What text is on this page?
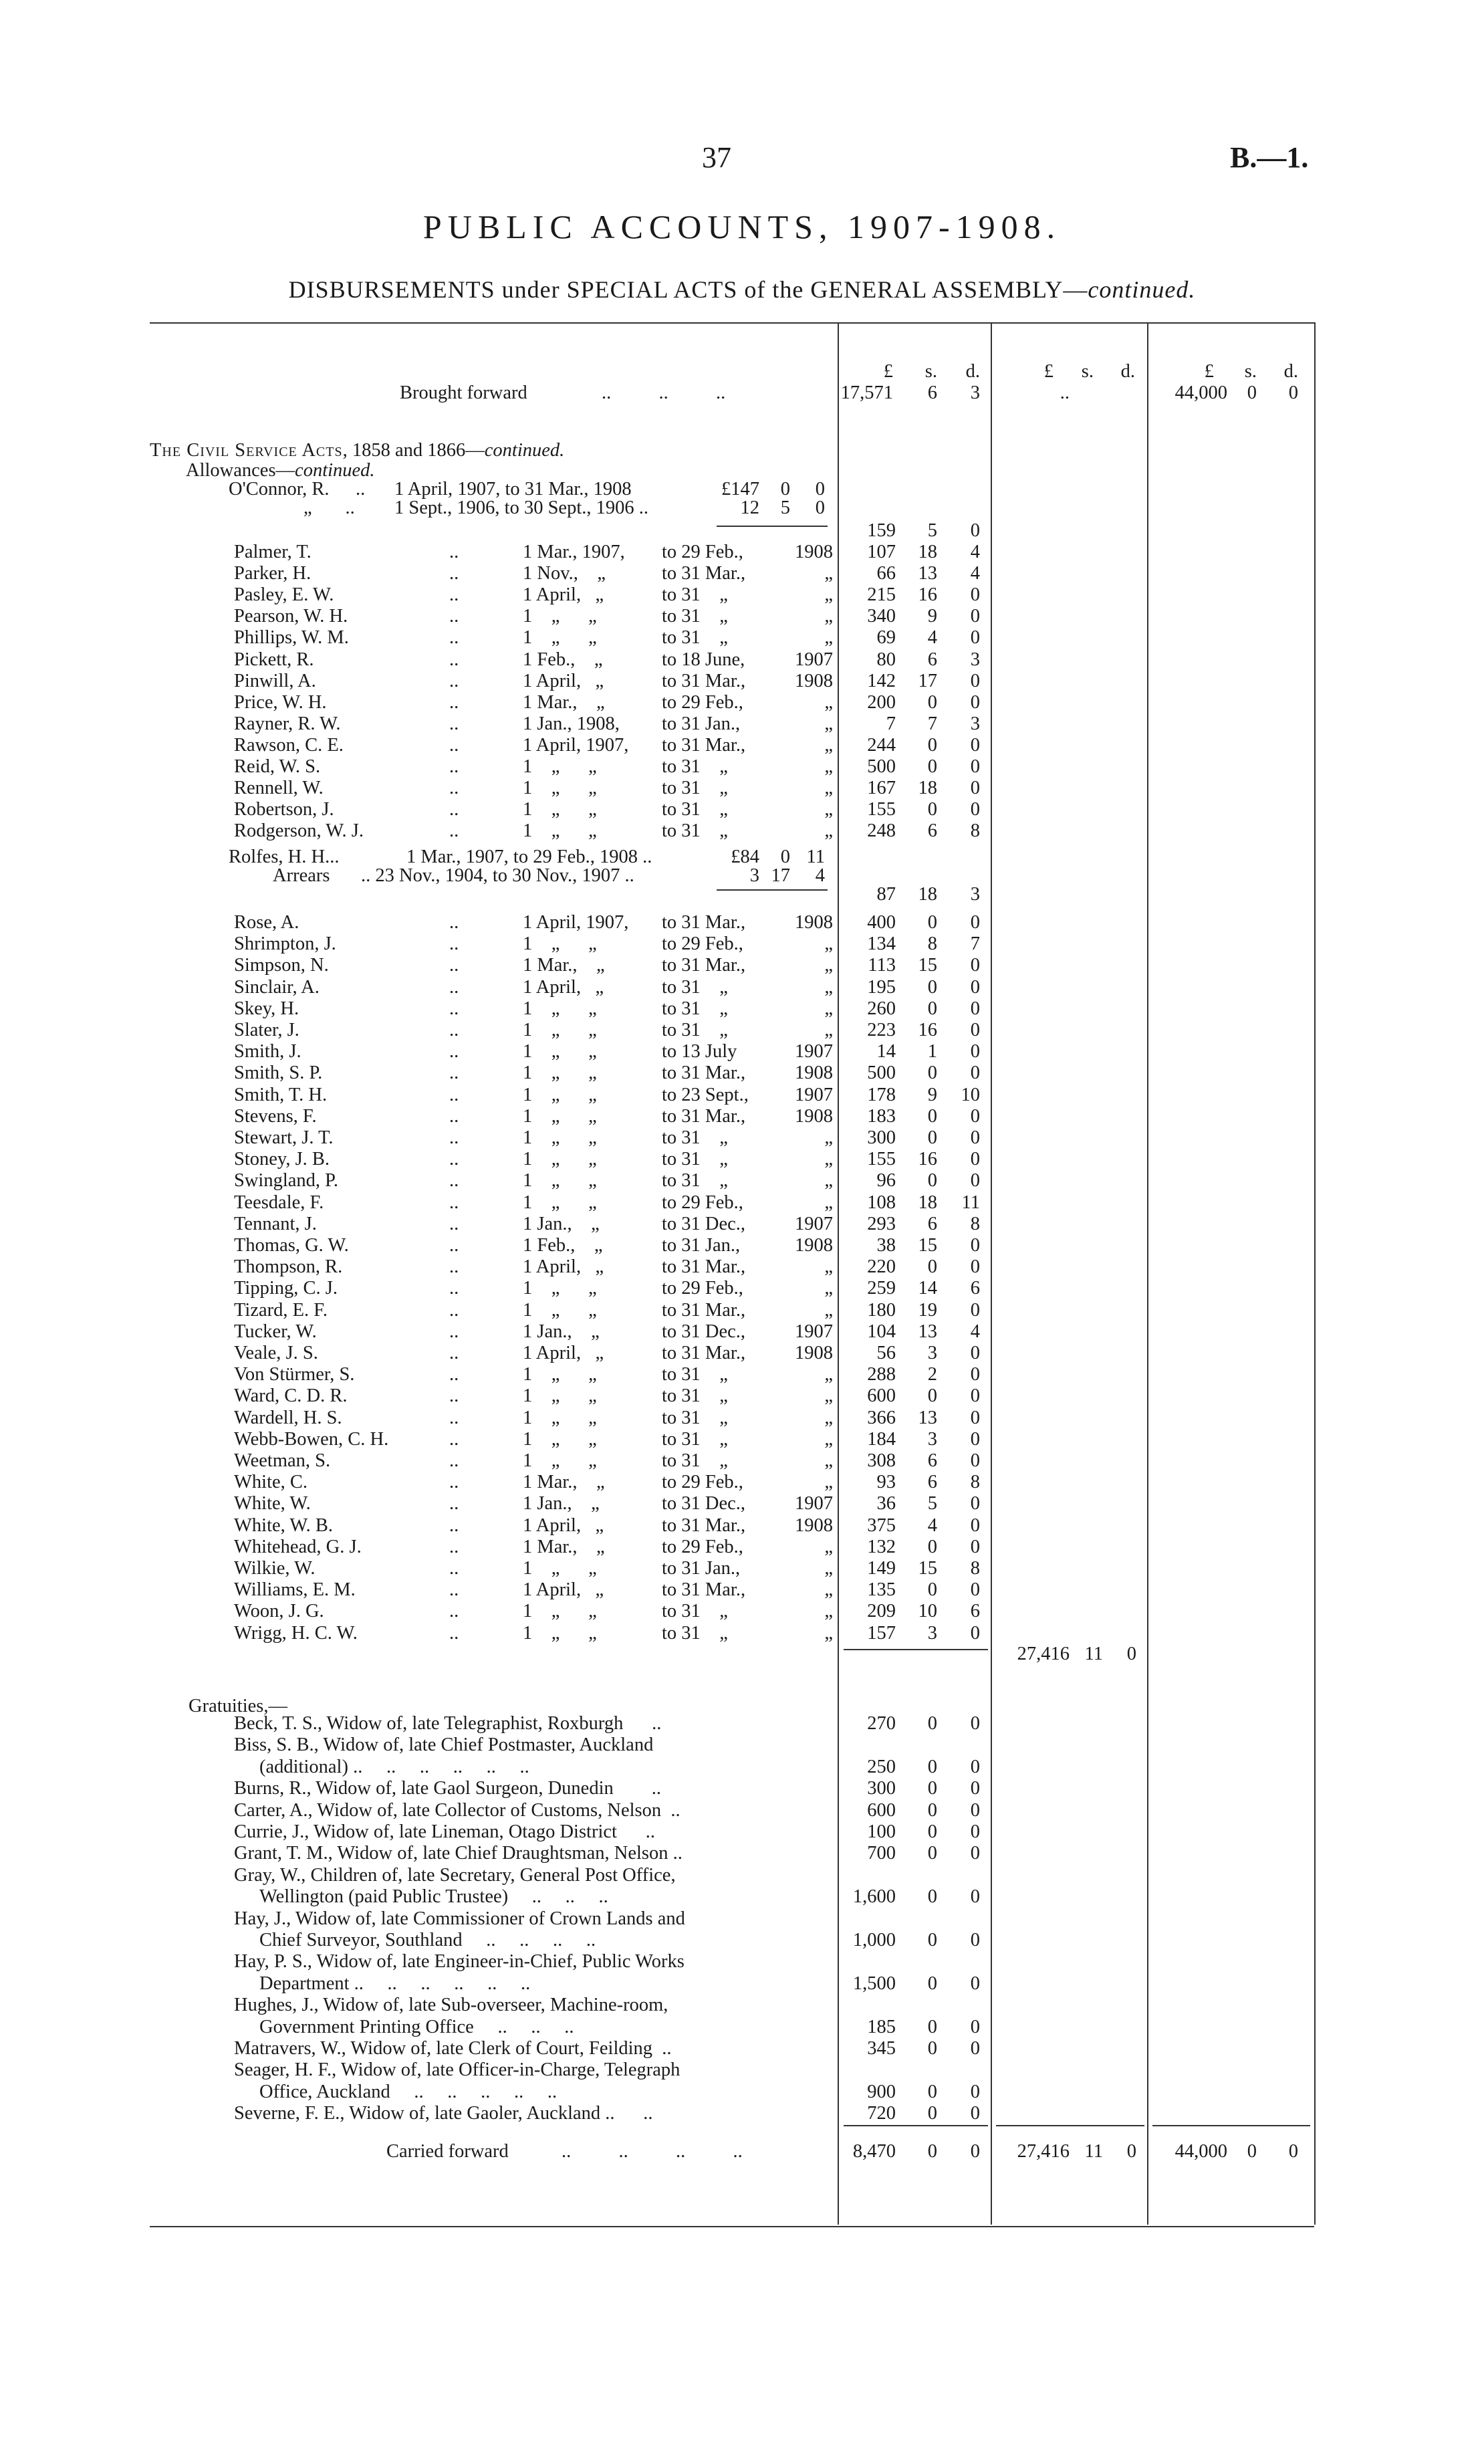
37	B.—1.
PUBLIC ACCOUNTS, 1907-1908.
DISBURSEMENTS under SPECIAL ACTS of the GENERAL ASSEMBLY—continued.
£	s.	d.	£	s.	d.	£	s.	d.
Brought forward	..          ..          ..	17,571	6	3	..	44,000	0	0
The Civil Service Acts, 1858 and 1866—continued.
Allowances—continued.
O'Connor, R. .. 1 April, 1907, to 31 Mar., 1908	£147	0	0
„       .. 1 Sept., 1906, to 30 Sept., 1906 ..	12	5	0
159	5	0
Palmer, T.	..	1 Mar., 1907, to 29 Feb.,	1908	107	18	4
Parker, H.	..	1 Nov.,    „	to 31 Mar.,	„	66	13	4
Pasley, E. W.	..	1 April,   „	to 31    „	„	215	16	0
Pearson, W. H.	..	1    „      „	to 31    „	„	340	9	0
Phillips, W. M.	..	1    „      „	to 31    „	„	69	4	0
Pickett, R.	..	1 Feb.,    „	to 18 June,	1907	80	6	3
Pinwill, A.	..	1 April,   „	to 31 Mar.,	1908	142	17	0
Price, W. H.	..	1 Mar.,    „	to 29 Feb.,	„	200	0	0
Rayner, R. W.	..	1 Jan., 1908, to 31 Jan.,	„	7	7	3
Rawson, C. E.	..	1 April, 1907, to 31 Mar.,	„	244	0	0
Reid, W. S.	..	1    „      „	to 31    „	„	500	0	0
Rennell, W.	..	1    „      „	to 31    „	„	167	18	0
Robertson, J.	..	1    „      „	to 31    „	„	155	0	0
Rodgerson, W. J.	..	1    „      „	to 31    „	„	248	6	8
Rolfes, H. H...	1 Mar., 1907, to 29 Feb., 1908 ..	£84	0 11
Arrears .. 23 Nov., 1904, to 30 Nov., 1907 ..	3 17	4
87	18	3
Rose, A.	..	1 April, 1907, to 31 Mar.,	1908	400	0	0
Shrimpton, J.	..	1    „      „	to 29 Feb.,	„	134	8	7
Simpson, N.	..	1 Mar.,    „	to 31 Mar.,	„	113	15	0
Sinclair, A.	..	1 April,   „	to 31    „	„	195	0	0
Skey, H.	..	1    „      „	to 31    „	„	260	0	0
Slater, J.	..	1    „      „	to 31    „	„	223	16	0
Smith, J.	..	1    „      „	to 13 July	1907	14	1	0
Smith, S. P.	..	1    „      „	to 31 Mar.,	1908	500	0	0
Smith, T. H.	..	1    „      „	to 23 Sept.,	1907	178	9	10
Stevens, F.	..	1    „      „	to 31 Mar.,	1908	183	0	0
Stewart, J. T.	..	1    „      „	to 31    „	„	300	0	0
Stoney, J. B.	..	1    „      „	to 31    „	„	155	16	0
Swingland, P.	..	1    „      „	to 31    „	„	96	0	0
Teesdale, F.	..	1    „      „	to 29 Feb.,	„	108	18	11
Tennant, J.	..	1 Jan.,    „	to 31 Dec.,	1907	293	6	8
Thomas, G. W.	..	1 Feb.,    „	to 31 Jan.,	1908	38	15	0
Thompson, R.	..	1 April,   „	to 31 Mar.,	„	220	0	0
Tipping, C. J.	..	1    „      „	to 29 Feb.,	„	259	14	6
Tizard, E. F.	..	1    „      „	to 31 Mar.,	„	180	19	0
Tucker, W.	..	1 Jan.,    „	to 31 Dec.,	1907	104	13	4
Veale, J. S.	..	1 April,   „	to 31 Mar.,	1908	56	3	0
Von Stürmer, S.	..	1    „      „	to 31    „	„	288	2	0
Ward, C. D. R.	..	1    „      „	to 31    „	„	600	0	0
Wardell, H. S.	..	1    „      „	to 31    „	„	366	13	0
Webb-Bowen, C. H.	..	1    „      „	to 31    „	„	184	3	0
Weetman, S.	..	1    „      „	to 31    „	„	308	6	0
White, C.	..	1 Mar.,    „	to 29 Feb.,	„	93	6	8
White, W.	..	1 Jan.,    „	to 31 Dec.,	1907	36	5	0
White, W. B.	..	1 April,   „	to 31 Mar.,	1908	375	4	0
Whitehead, G. J.	..	1 Mar.,    „	to 29 Feb.,	„	132	0	0
Wilkie, W.	..	1    „      „	to 31 Jan.,	„	149	15	8
Williams, E. M.	..	1 April,   „	to 31 Mar.,	„	135	0	0
Woon, J. G.	..	1    „      „	to 31    „	„	209	10	6
Wrigg, H. C. W.	..	1    „      „	to 31    „	„	157	3	0
27,416 11	0
Gratuities,—
Beck, T. S., Widow of, late Telegraphist, Roxburgh      ..	270	0	0
Biss, S. B., Widow of, late Chief Postmaster, Auckland
(additional) ..     ..     ..     ..     ..     ..	250	0	0
Burns, R., Widow of, late Gaol Surgeon, Dunedin        ..	300	0	0
Carter, A., Widow of, late Collector of Customs, Nelson  ..	600	0	0
Currie, J., Widow of, late Lineman, Otago District      ..	100	0	0
Grant, T. M., Widow of, late Chief Draughtsman, Nelson ..	700	0	0
Gray, W., Children of, late Secretary, General Post Office,
Wellington (paid Public Trustee)     ..     ..     ..	1,600	0	0
Hay, J., Widow of, late Commissioner of Crown Lands and
Chief Surveyor, Southland     ..     ..     ..     ..	1,000	0	0
Hay, P. S., Widow of, late Engineer-in-Chief, Public Works
Department ..     ..     ..     ..     ..     ..	1,500	0	0
Hughes, J., Widow of, late Sub-overseer, Machine-room,
Government Printing Office     ..     ..     ..	185	0	0
Matravers, W., Widow of, late Clerk of Court, Feilding  ..	345	0	0
Seager, H. F., Widow of, late Officer-in-Charge, Telegraph
Office, Auckland     ..     ..     ..     ..     ..	900	0	0
Severne, F. E., Widow of, late Gaoler, Auckland ..      ..	720	0	0
Carried forward	..          ..          ..          ..	8,470	0	0	27,416 11	0	44,000	0	0
